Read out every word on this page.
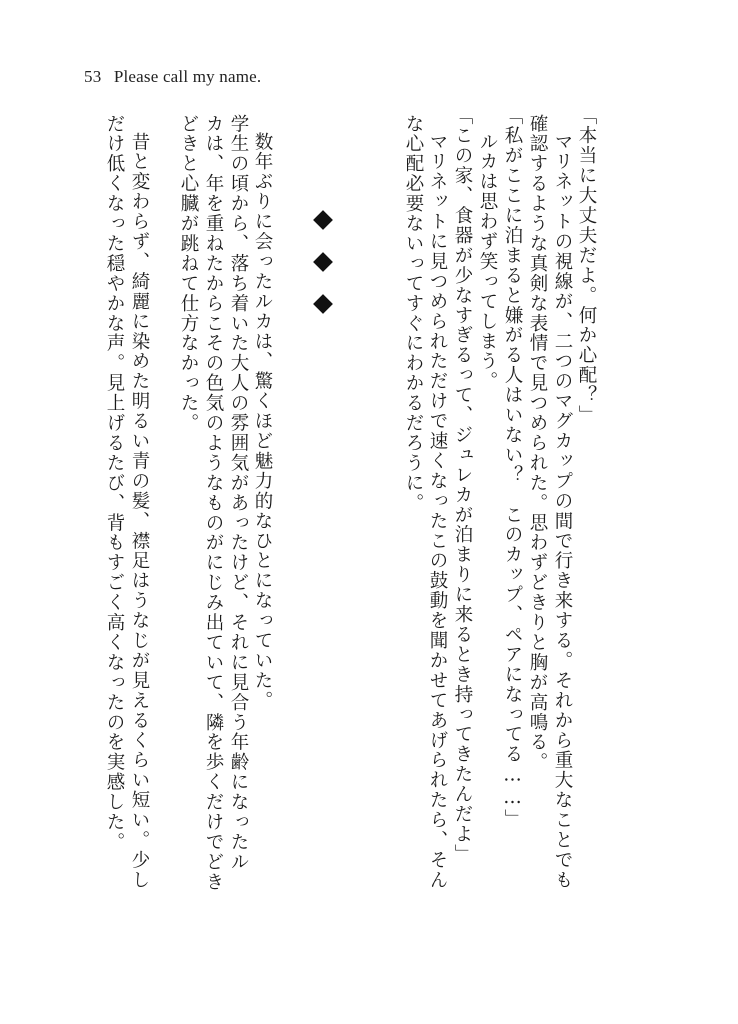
53 Please call my name.
「本当に大丈夫だよ。何か心配？」
マリネットの視線が、二つのマグカップの間で行き来する。それから重大なことでも
確認するような真剣な表情で見つめられた。思わずどきりと胸が高鳴る。
「私がここに泊まると嫌がる人はいない？　このカップ、ペアになってる……」
ルカは思わず笑ってしまう。
「この家、食器が少なすぎるって、ジュレカが泊まりに来るとき持ってきたんだよ」
マリネットに見つめられただけで速くなったこの鼓動を聞かせてあげられたら、そん
な心配必要ないってすぐにわかるだろうに。
数年ぶりに会ったルカは、驚くほど魅力的なひとになっていた。
学生の頃から、落ち着いた大人の雰囲気があったけど、それに見合う年齢になったル
カは、年を重ねたからこその色気のようなものがにじみ出ていて、隣を歩くだけでどき
どきと心臓が跳ねて仕方なかった。
昔と変わらず、綺麗に染めた明るい青の髪、襟足はうなじが見えるくらい短い。少し
だけ低くなった穏やかな声。見上げるたび、背もすごく高くなったのを実感した。
